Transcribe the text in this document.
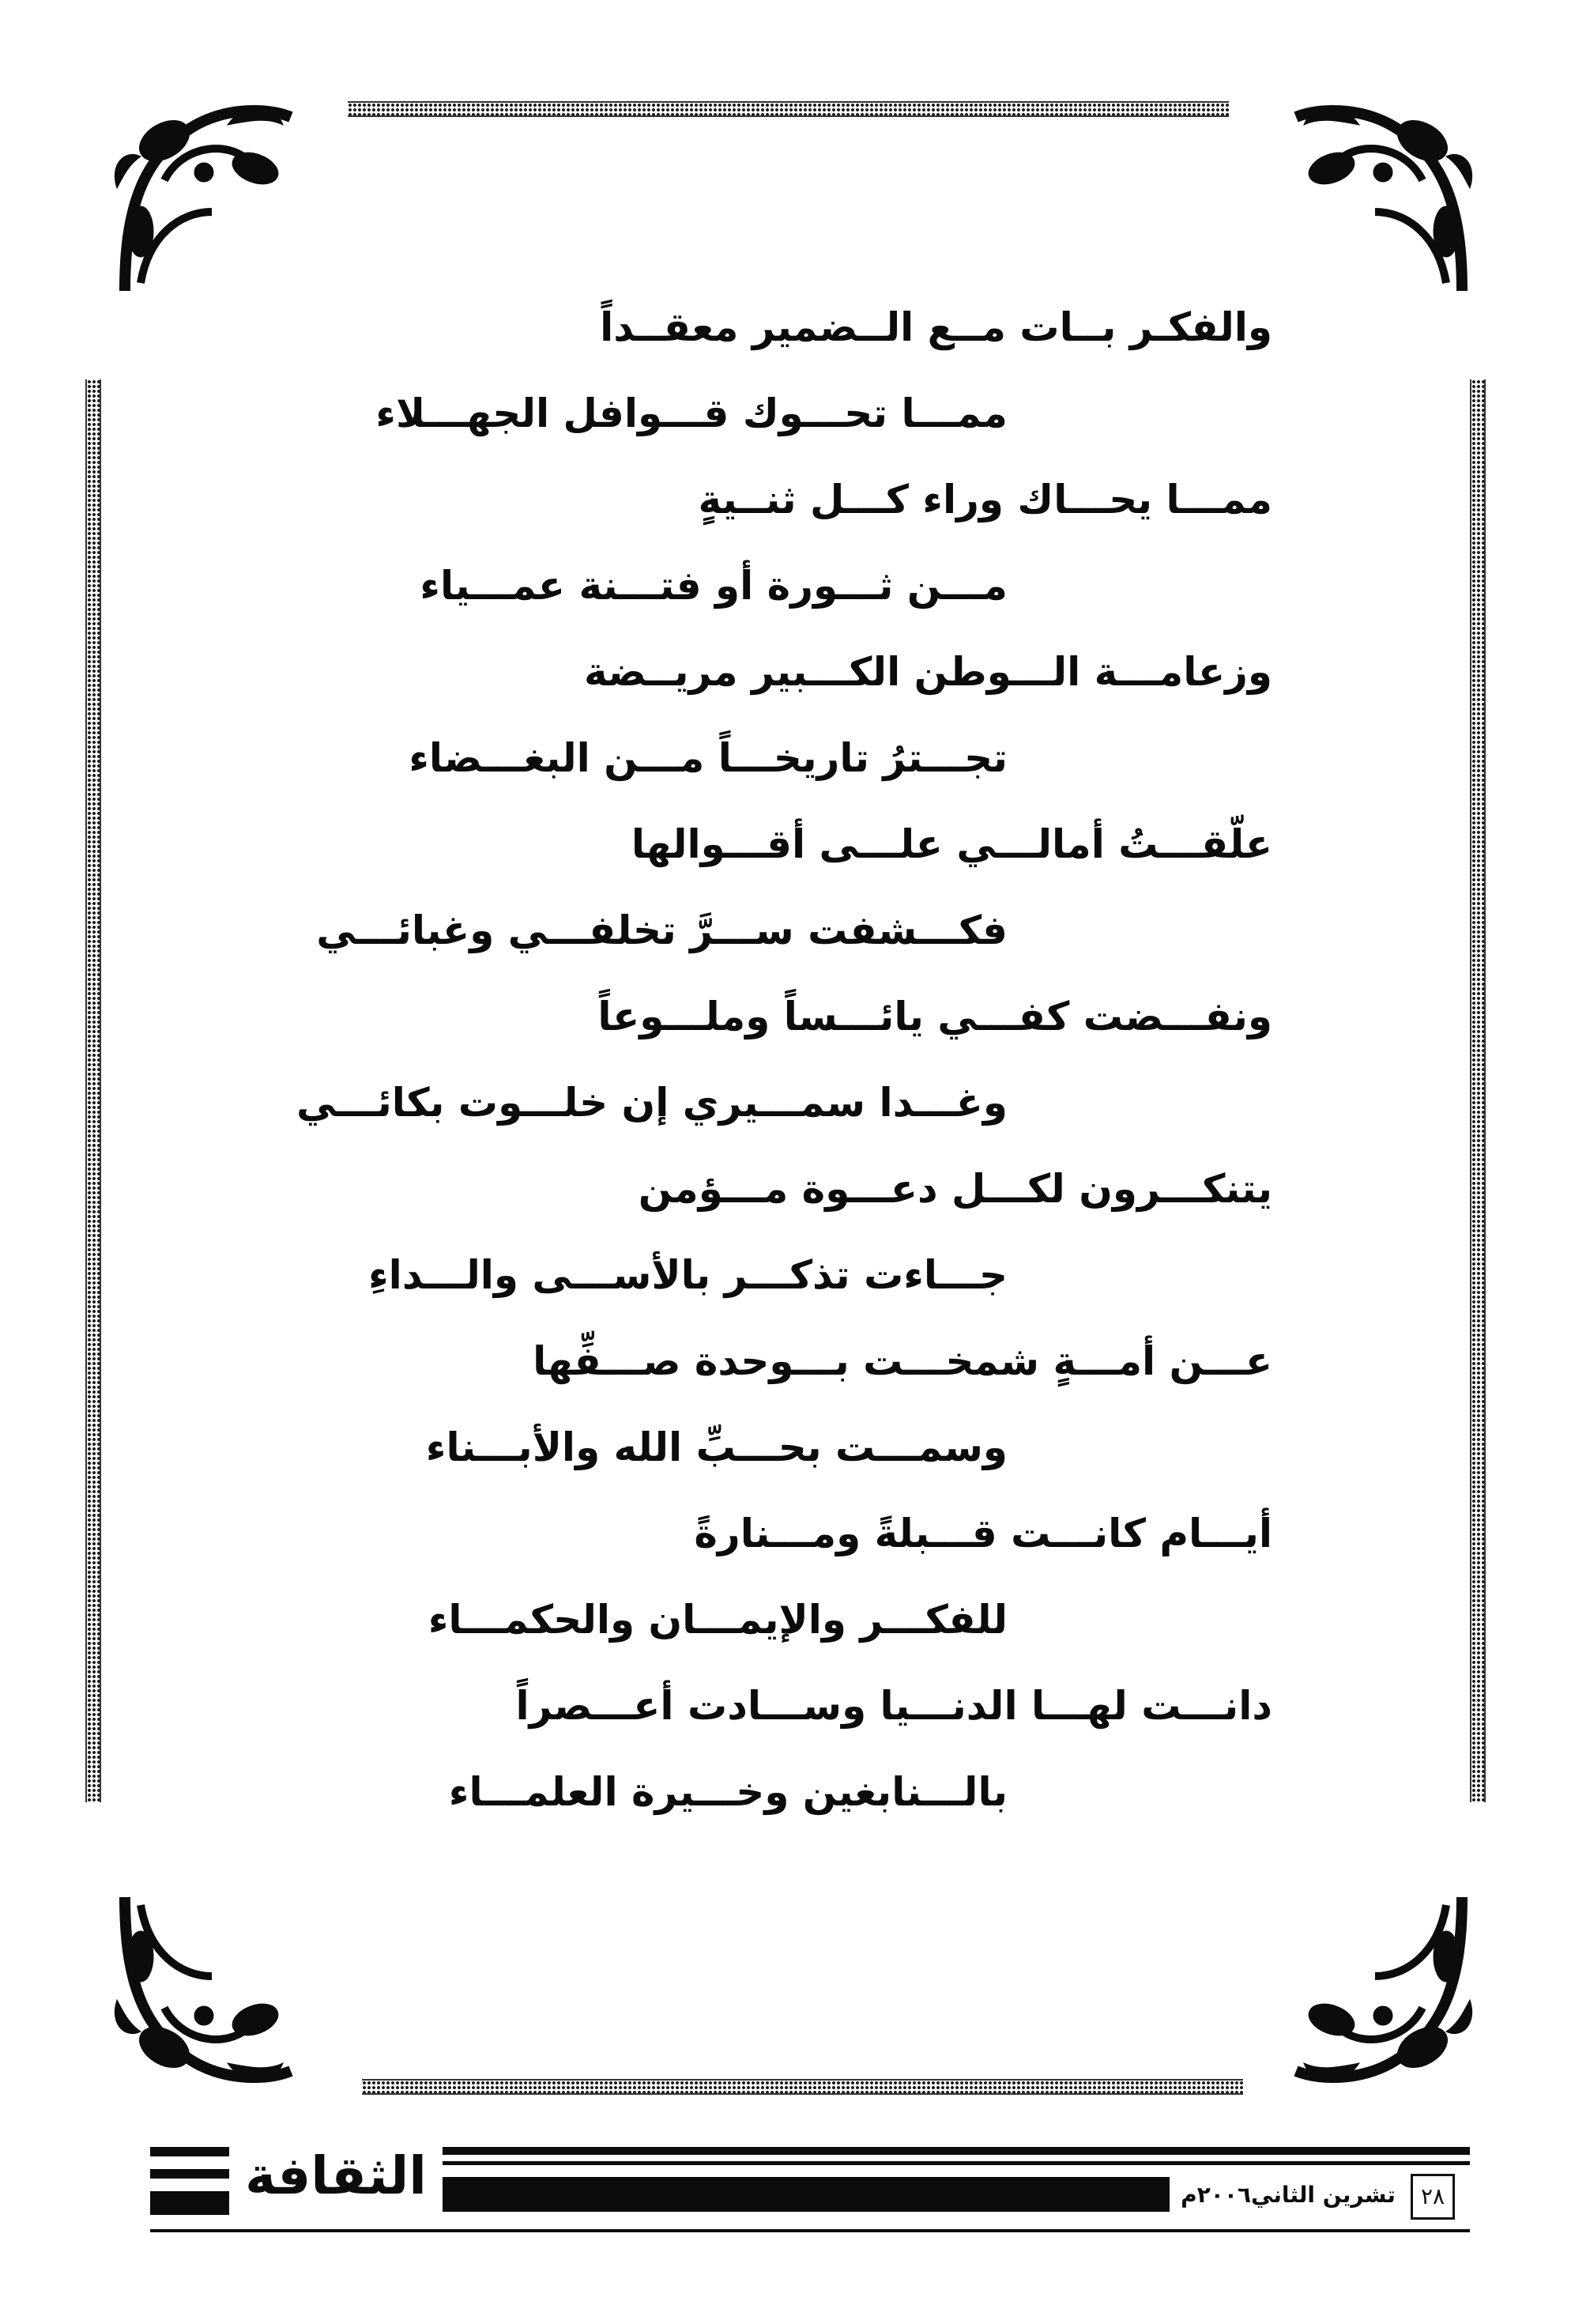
والفكـر بــات مــع الــضمير معقــداً
ممـــا تحـــوك قـــوافل الجهـــلاء
ممـــا يحـــاك وراء كـــل ثنــيةٍ
مـــن ثـــورة أو فتـــنة عمـــياء
وزعامـــة الـــوطن الكـــبير مريــضة
تجـــترُ تاريخـــاً مـــن البغـــضاء
علّقـــتُ أمالـــي علـــى أقـــوالها
فكـــشفت ســـرَّ تخلفـــي وغبائـــي
ونفـــضت كفـــي يائـــساً وملـــوعاً
وغـــدا سمـــيري إن خلـــوت بكائـــي
يتنكـــرون لكـــل دعـــوة مـــؤمن
جـــاءت تذكـــر بالأســـى والـــداءِ
عـــن أمـــةٍ شمخـــت بـــوحدة صـــفِّها
وسمـــت بحـــبِّ الله والأبـــناء
أيـــام كانـــت قـــبلةً ومـــنارةً
للفكـــر والإيمـــان والحكمـــاء
دانـــت لهـــا الدنـــيا وســـادت أعـــصراً
بالـــنابغين وخـــيرة العلمـــاء
الثقافة	تشرين الثاني٢٠٠٦م	٢٨
